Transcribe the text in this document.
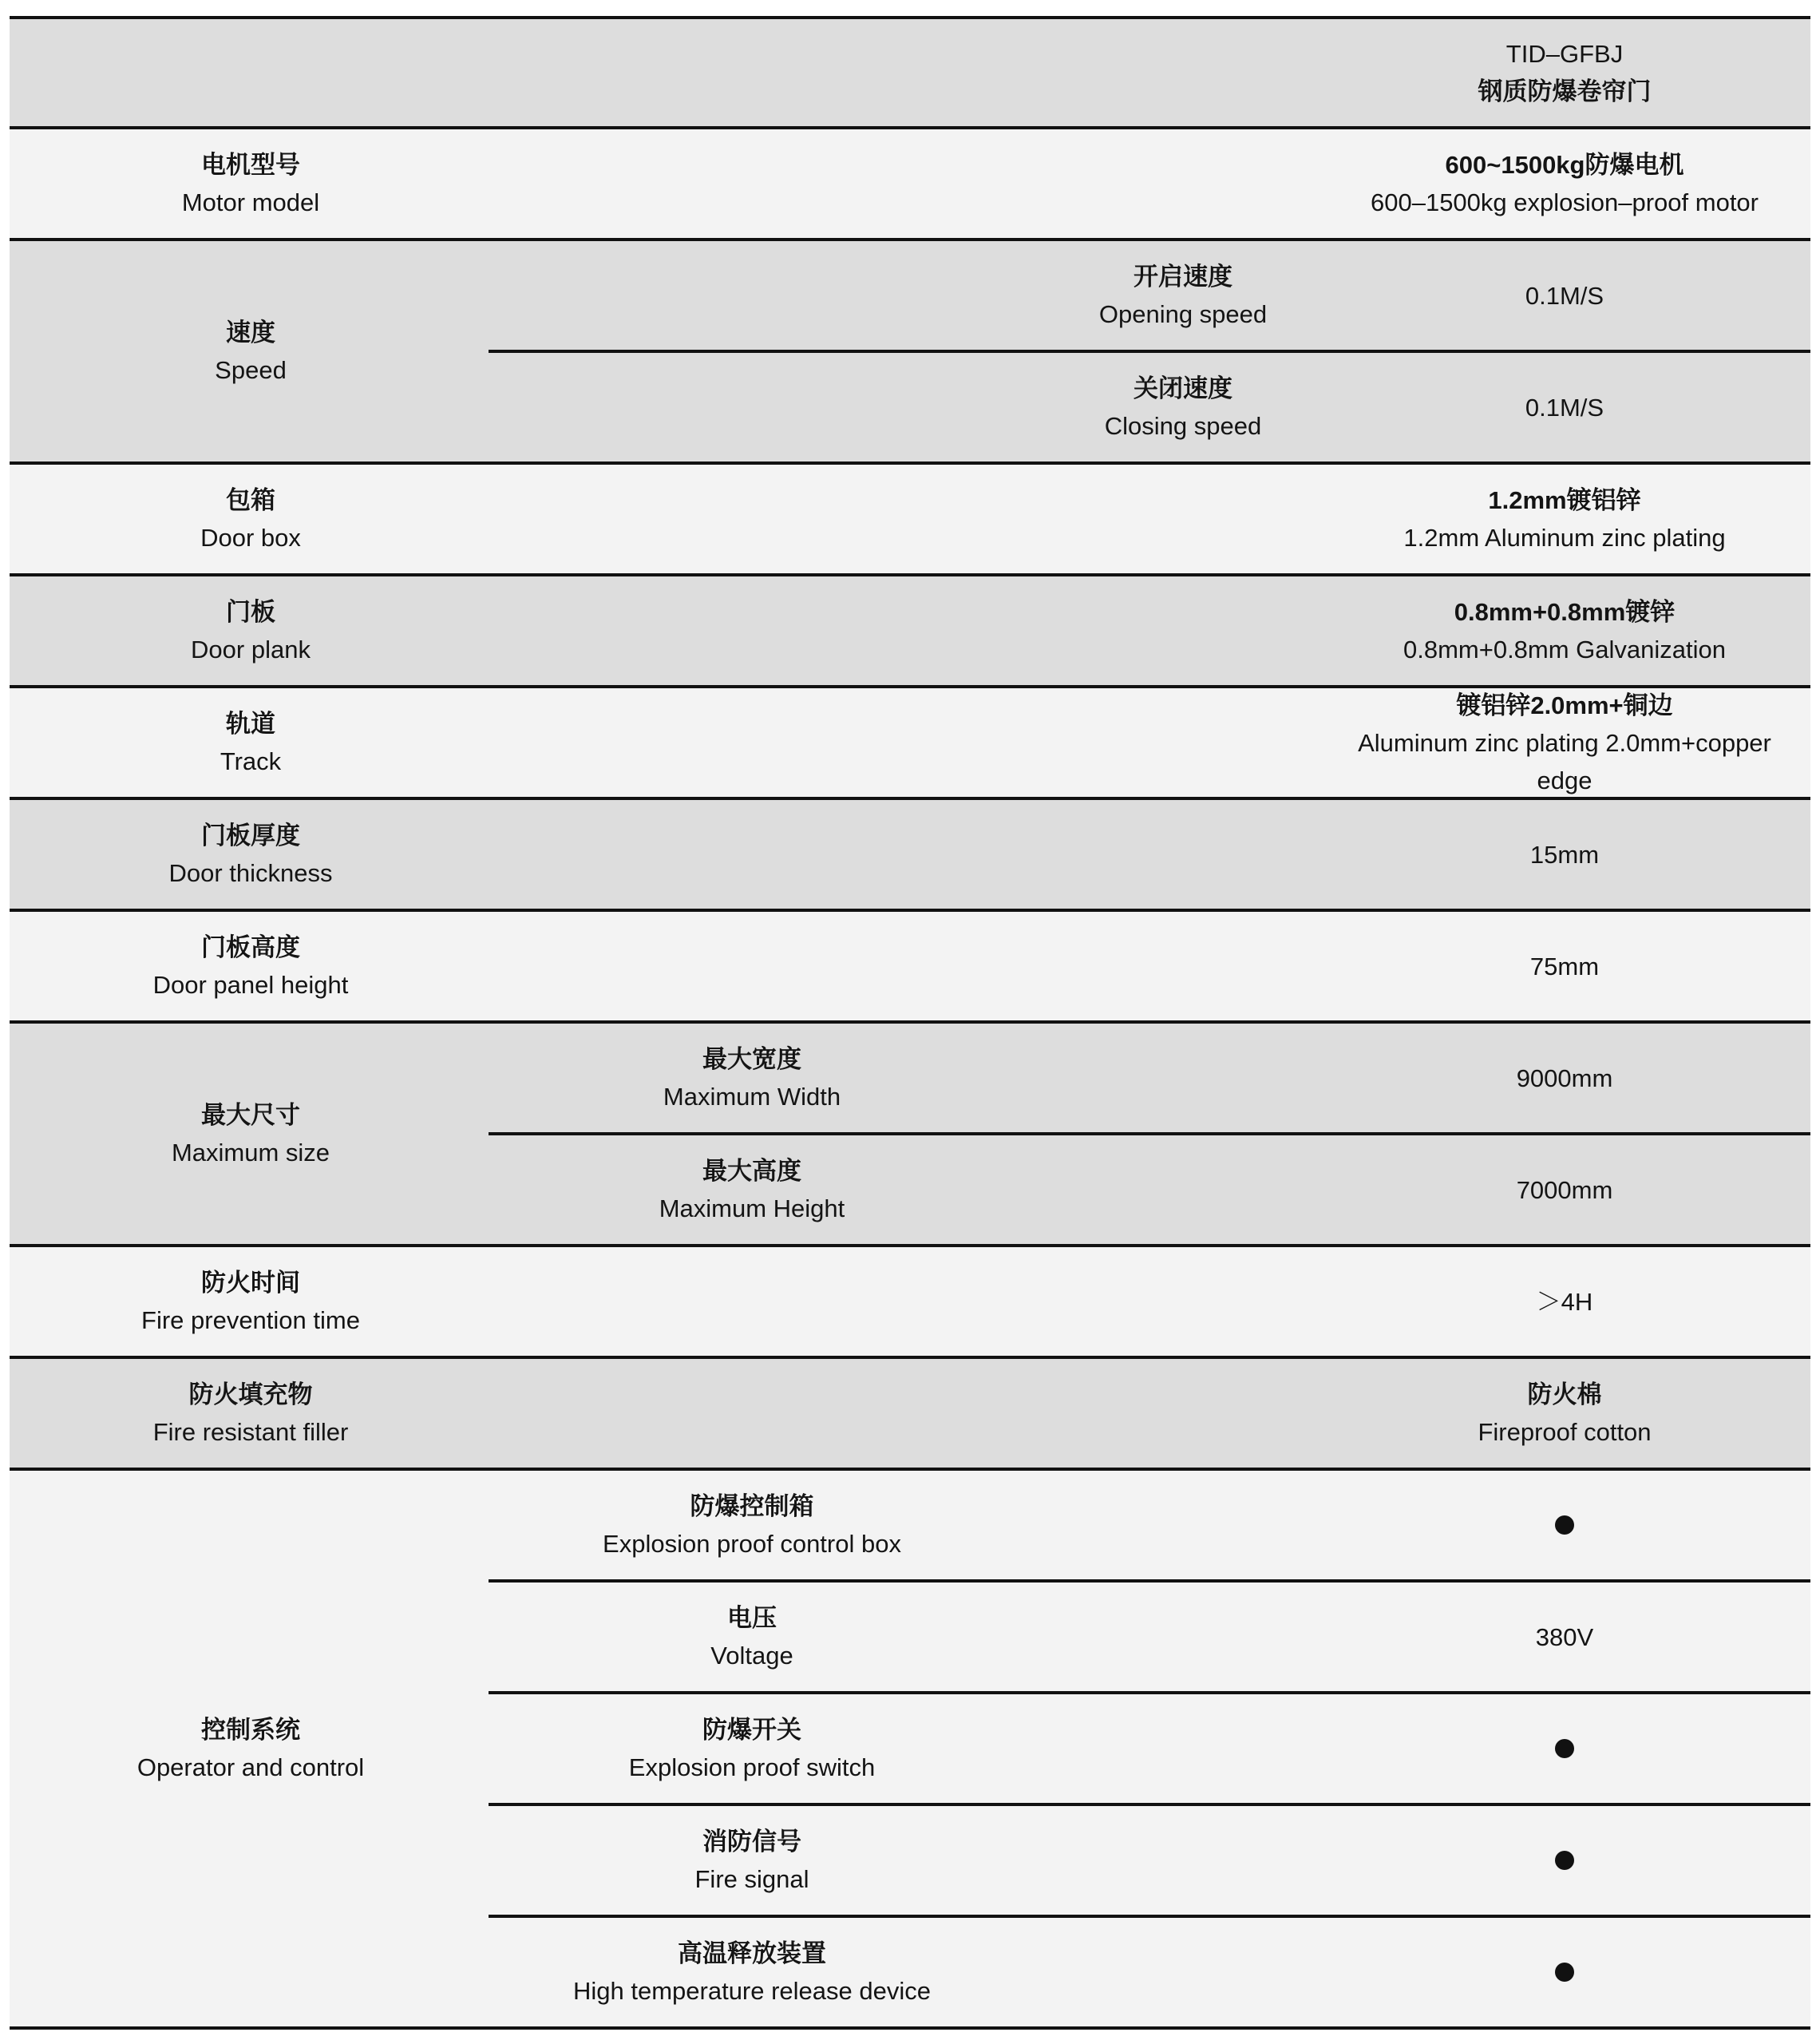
TID–GFBJ
钢质防爆卷帘门
电机型号
Motor model
600~1500kg防爆电机
600–1500kg explosion–proof motor
速度
Speed
开启速度
Opening speed
0.1M/S
关闭速度
Closing speed
0.1M/S
包箱
Door box
1.2mm镀铝锌
1.2mm Aluminum zinc plating
门板
Door plank
0.8mm+0.8mm镀锌
0.8mm+0.8mm Galvanization
轨道
Track
镀铝锌2.0mm+铜边
Aluminum zinc plating 2.0mm+copper
edge
门板厚度
Door thickness
15mm
门板高度
Door panel height
75mm
最大尺寸
Maximum size
最大宽度
Maximum Width
9000mm
最大高度
Maximum Height
7000mm
防火时间
Fire prevention time
＞4H
防火填充物
Fire resistant filler
防火棉
Fireproof cotton
控制系统
Operator and control
防爆控制箱
Explosion proof control box
电压
Voltage
380V
防爆开关
Explosion proof switch
消防信号
Fire signal
高温释放装置
High temperature release device
